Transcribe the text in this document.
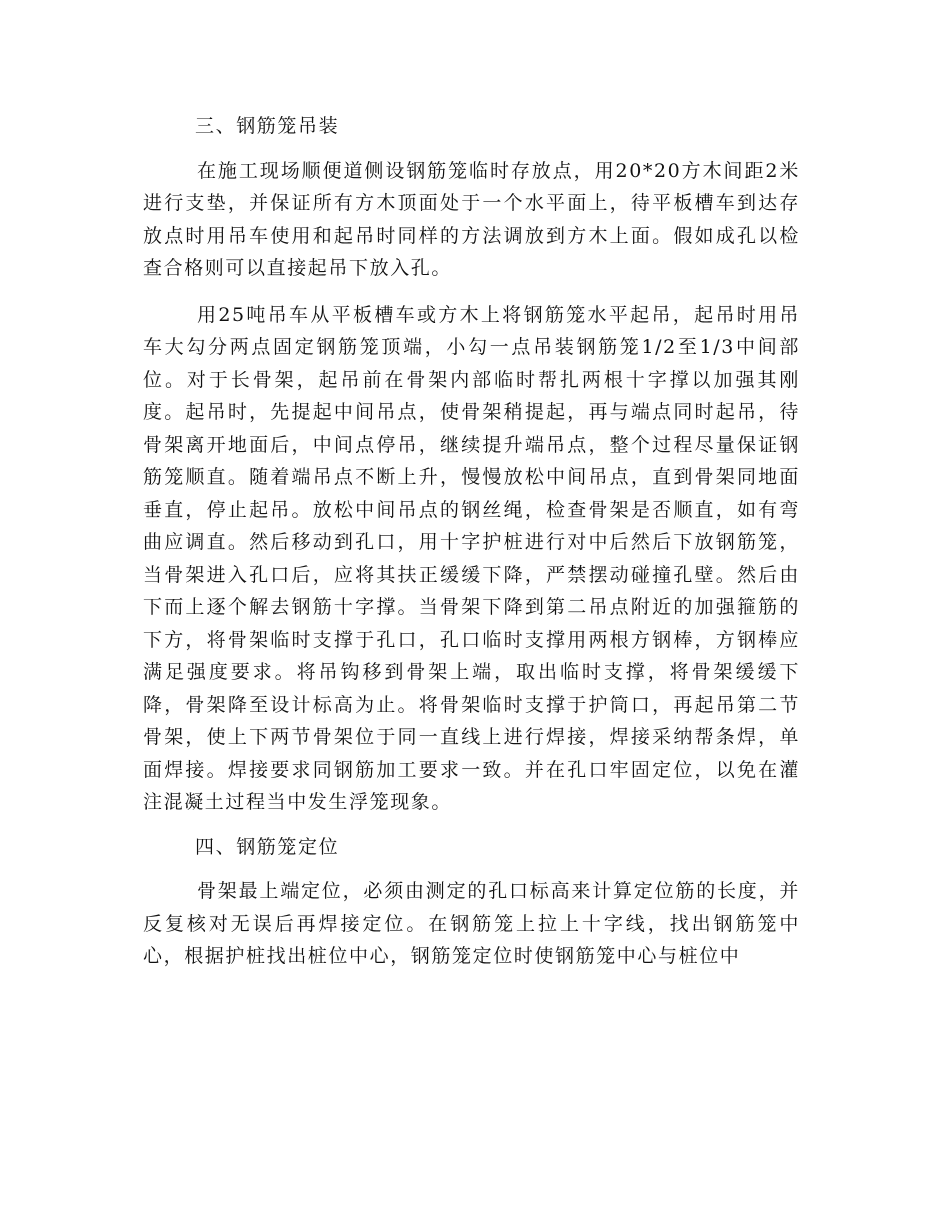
三、钢筋笼吊装

在施工现场顺便道侧设钢筋笼临时存放点，用20*20方木间距2米进行支垫，并保证所有方木顶面处于一个水平面上，待平板槽车到达存放点时用吊车使用和起吊时同样的方法调放到方木上面。假如成孔以检查合格则可以直接起吊下放入孔。

用25吨吊车从平板槽车或方木上将钢筋笼水平起吊，起吊时用吊车大勾分两点固定钢筋笼顶端，小勾一点吊装钢筋笼1/2至1/3中间部位。对于长骨架，起吊前在骨架内部临时帮扎两根十字撑以加强其刚度。起吊时，先提起中间吊点，使骨架稍提起，再与端点同时起吊，待骨架离开地面后，中间点停吊，继续提升端吊点，整个过程尽量保证钢筋笼顺直。随着端吊点不断上升，慢慢放松中间吊点，直到骨架同地面垂直，停止起吊。放松中间吊点的钢丝绳，检查骨架是否顺直，如有弯曲应调直。然后移动到孔口，用十字护桩进行对中后然后下放钢筋笼，当骨架进入孔口后，应将其扶正缓缓下降，严禁摆动碰撞孔壁。然后由下而上逐个解去钢筋十字撑。当骨架下降到第二吊点附近的加强箍筋的下方，将骨架临时支撑于孔口，孔口临时支撑用两根方钢棒，方钢棒应满足强度要求。将吊钩移到骨架上端，取出临时支撑，将骨架缓缓下降，骨架降至设计标高为止。将骨架临时支撑于护筒口，再起吊第二节骨架，使上下两节骨架位于同一直线上进行焊接，焊接采纳帮条焊，单面焊接。焊接要求同钢筋加工要求一致。并在孔口牢固定位，以免在灌注混凝土过程当中发生浮笼现象。

四、钢筋笼定位

骨架最上端定位，必须由测定的孔口标高来计算定位筋的长度，并反复核对无误后再焊接定位。在钢筋笼上拉上十字线，找出钢筋笼中心，根据护桩找出桩位中心，钢筋笼定位时使钢筋笼中心与桩位中
